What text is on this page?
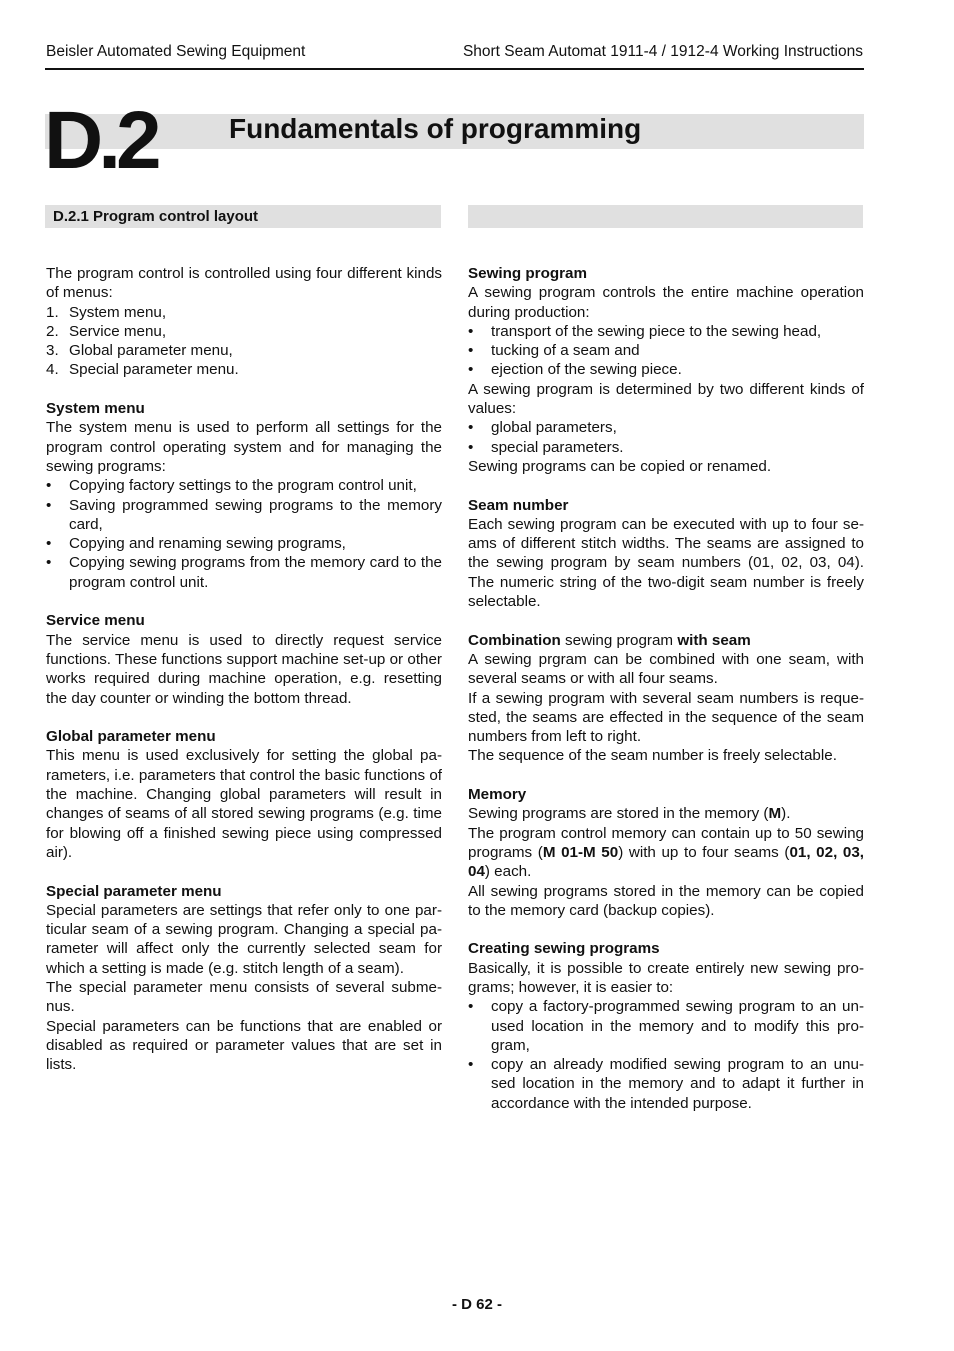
Beisler Automated Sewing Equipment	Short Seam Automat 1911-4 / 1912-4 Working Instructions
D.2	Fundamentals of programming
D.2.1 Program control layout

The program control is controlled using four different kinds of menus:

1. System menu,
2. Service menu,
3. Global parameter menu,
4. Special parameter menu.

System menu

The system menu is used to perform all settings for the program control operating system and for managing the sewing programs:

• Copying factory settings to the program control unit,
• Saving programmed sewing programs to the memory card,
• Copying and renaming sewing programs,
• Copying sewing programs from the memory card to the program control unit.

Service menu

The service menu is used to directly request service functions. These functions support machine set-up or other works required during machine operation, e.g. resetting the day counter or winding the bottom thread.

Global parameter menu

This menu is used exclusively for setting the global parameters, i.e. parameters that control the basic functions of the machine. Changing global parameters will result in changes of seams of all stored sewing programs (e.g. time for blowing off a finished sewing piece using compressed air).

Special parameter menu

Special parameters are settings that refer only to one particular seam of a sewing program. Changing a special parameter will affect only the currently selected seam for which a setting is made (e.g. stitch length of a seam).

The special parameter menu consists of several submenus.

Special parameters can be functions that are enabled or disabled as required or parameter values that are set in lists.

Sewing program

A sewing program controls the entire machine operation during production:

• transport of the sewing piece to the sewing head,
• tucking of a seam and
• ejection of the sewing piece.

A sewing program is determined by two different kinds of values:

• global parameters,
• special parameters.

Sewing programs can be copied or renamed.

Seam number

Each sewing program can be executed with up to four seams of different stitch widths. The seams are assigned to the sewing program by seam numbers (01, 02, 03, 04). The numeric string of the two-digit seam number is freely selectable.

Combination sewing program with seam

A sewing prgram can be combined with one seam, with several seams or with all four seams.

If a sewing program with several seam numbers is requested, the seams are effected in the sequence of the seam numbers from left to right.

The sequence of the seam number is freely selectable.

Memory

Sewing programs are stored in the memory (M).

The program control memory can contain up to 50 sewing programs (M 01-M 50) with up to four seams (01, 02, 03, 04) each.

All sewing programs stored in the memory can be copied to the memory card (backup copies).

Creating sewing programs

Basically, it is possible to create entirely new sewing programs; however, it is easier to:

• copy a factory-programmed sewing program to an unused location in the memory and to modify this program,
• copy an already modified sewing program to an unused location in the memory and to adapt it further in accordance with the intended purpose.
- D 62 -
